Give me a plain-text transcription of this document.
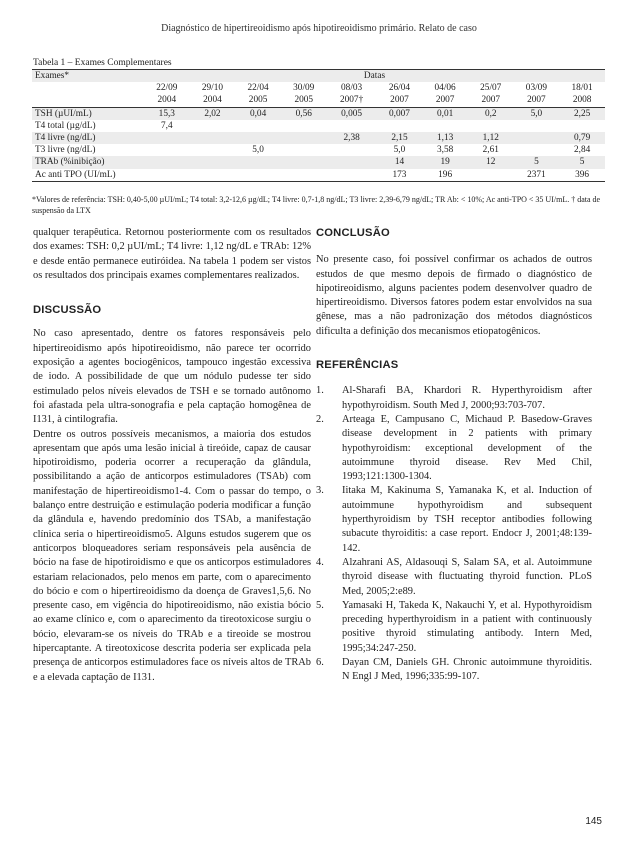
Diagnóstico de hipertireoidismo após hipotireoidismo primário. Relato de caso
Tabela 1 – Exames Complementares
Exames*	Datas									
	22/09	29/10	22/04	30/09	08/03	26/04	04/06	25/07	03/09	18/01
	2004	2004	2005	2005	2007†	2007	2007	2007	2007	2008
TSH (µUI/mL)	15,3	2,02	0,04	0,56	0,005	0,007	0,01	0,2	5,0	2,25
T4 total (µg/dL)	7,4									
T4 livre (ng/dL)					2,38	2,15	1,13	1,12		0,79
T3 livre (ng/dL)			5,0			5,0	3,58	2,61		2,84
TRAb (%inibição)						14	19	12	5	5
Ac anti TPO (UI/mL)						173	196		2371	396
*Valores de referência: TSH: 0,40-5,00 µUI/mL; T4 total: 3,2-12,6 µg/dL; T4 livre: 0,7-1,8 ng/dL; T3 livre: 2,39-6,79 ng/dL; TR Ab: < 10%; Ac anti-TPO < 35 UI/mL. † data de suspensão da LTX

qualquer terapêutica. Retornou posteriormente com os resultados dos exames: TSH: 0,2 µUI/mL; T4 livre: 1,12 ng/dL e TRAb: 12% e desde então permanece eutiróidea. Na tabela 1 podem ser vistos os resultados dos principais exames complementares realizados.

DISCUSSÃO

No caso apresentado, dentre os fatores responsáveis pelo hipertireoidismo após hipotireoidismo, não parece ter ocorrido exposição a agentes bociogênicos, tampouco ingestão excessiva de iodo. A possibilidade de que um nódulo pudesse ter sido estimulado pelos níveis elevados de TSH e se tornado autônomo foi afastada pela ultra-sonografia e pela captação homogênea de I131, à cintilografia.

Dentre os outros possíveis mecanismos, a maioria dos estudos apresentam que após uma lesão inicial à tireóide, capaz de causar hipotiroidismo, poderia ocorrer a recuperação da glândula, possibilitando a ação de anticorpos estimuladores (TSAb) com manifestação de hipertireoidismo1-4. Com o passar do tempo, o balanço entre destruição e estimulação poderia modificar a função da glândula e, havendo predomínio dos TSAb, a manifestação clínica seria o hipertireoidismo5. Alguns estudos sugerem que os anticorpos bloqueadores seriam responsáveis pela ausência de bócio na fase de hipotiroidismo e que os anticorpos estimuladores estariam relacionados, pelo menos em parte, com o aparecimento do bócio e com o hipertireoidismo da doença de Graves1,5,6. No presente caso, em vigência do hipotireoidismo, não existia bócio ao exame clínico e, com o aparecimento da tireotoxicose surgiu o bócio, elevaram-se os níveis do TRAb e a tireoide se mostrou hipercaptante. A tireotoxicose descrita poderia ser explicada pela presença de anticorpos estimuladores face os níveis altos de TRAb e a elevada captação de I131.

CONCLUSÃO

No presente caso, foi possível confirmar os achados de outros estudos de que mesmo depois de firmado o diagnóstico de hipotireoidismo, alguns pacientes podem desenvolver quadro de hipertireoidismo. Diversos fatores podem estar envolvidos na sua gênese, mas a não padronização dos métodos diagnósticos dificulta a definição dos mecanismos etiopatogênicos.

REFERÊNCIAS
1. Al-Sharafi BA, Khardori R. Hyperthyroidism after hypothyroidism. South Med J, 2000;93:703-707.
2. Arteaga E, Campusano C, Michaud P. Basedow-Graves disease development in 2 patients with primary hypothyroidism: exceptional development of the autoimmune thyroid disease. Rev Med Chil, 1993;121:1300-1304.
3. Iitaka M, Kakinuma S, Yamanaka K, et al. Induction of autoimmune hypothyroidism and subsequent hyperthyroidism by TSH receptor antibodies following subacute thyroiditis: a case report. Endocr J, 2001;48:139-142.
4. Alzahrani AS, Aldasouqi S, Salam SA, et al. Autoimmune thyroid disease with fluctuating thyroid function. PLoS Med, 2005;2:e89.
5. Yamasaki H, Takeda K, Nakauchi Y, et al. Hypothyroidism preceding hyperthyroidism in a patient with continuously positive thyroid stimulating antibody. Intern Med, 1995;34:247-250.
6. Dayan CM, Daniels GH. Chronic autoimmune thyroiditis. N Engl J Med, 1996;335:99-107.
145
